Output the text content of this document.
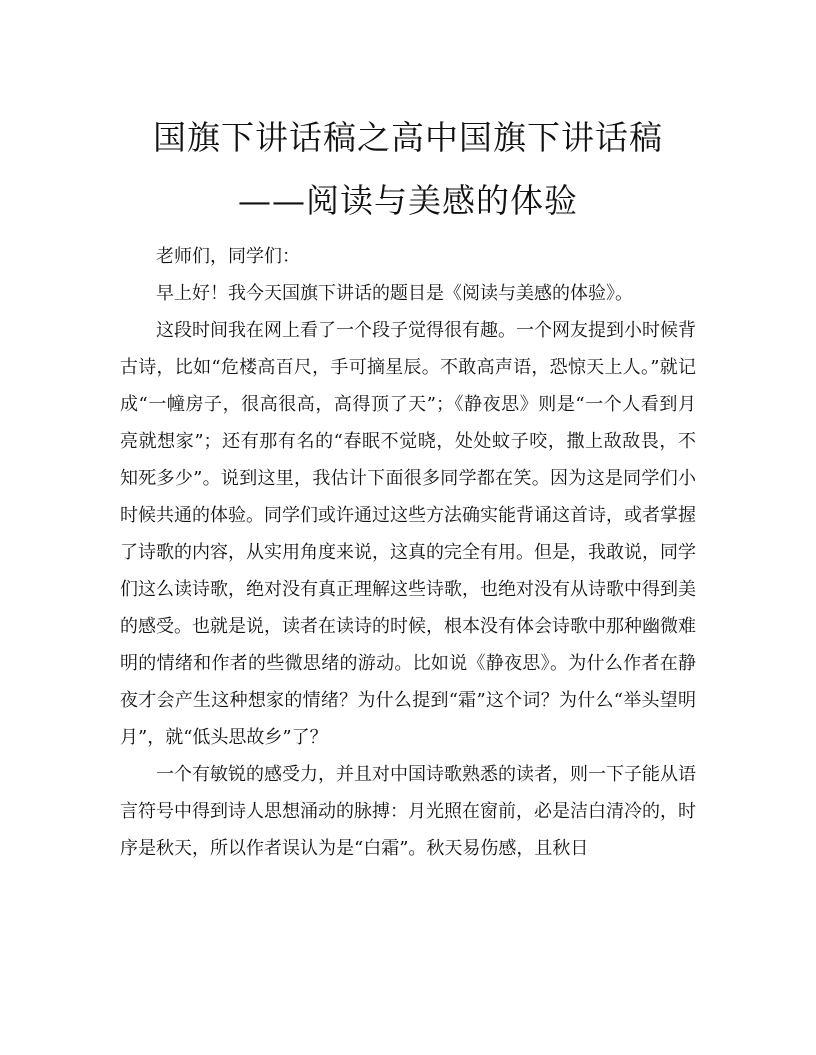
国旗下讲话稿之高中国旗下讲话稿
——阅读与美感的体验

老师们，同学们：

早上好！我今天国旗下讲话的题目是《阅读与美感的体验》。

这段时间我在网上看了一个段子觉得很有趣。一个网友提到小时候背古诗，比如“危楼高百尺，手可摘星辰。不敢高声语，恐惊天上人。”就记成“一幢房子，很高很高，高得顶了天”；《静夜思》则是“一个人看到月亮就想家”；还有那有名的“春眠不觉晓，处处蚊子咬，撒上敌敌畏，不知死多少”。说到这里，我估计下面很多同学都在笑。因为这是同学们小时候共通的体验。同学们或许通过这些方法确实能背诵这首诗，或者掌握了诗歌的内容，从实用角度来说，这真的完全有用。但是，我敢说，同学们这么读诗歌，绝对没有真正理解这些诗歌，也绝对没有从诗歌中得到美的感受。也就是说，读者在读诗的时候，根本没有体会诗歌中那种幽微难明的情绪和作者的些微思绪的游动。比如说《静夜思》。为什么作者在静夜才会产生这种想家的情绪？为什么提到“霜”这个词？为什么“举头望明月”，就“低头思故乡”了？

一个有敏锐的感受力，并且对中国诗歌熟悉的读者，则一下子能从语言符号中得到诗人思想涌动的脉搏：月光照在窗前，必是洁白清冷的，时序是秋天，所以作者误认为是“白霜”。秋天易伤感，且秋日
